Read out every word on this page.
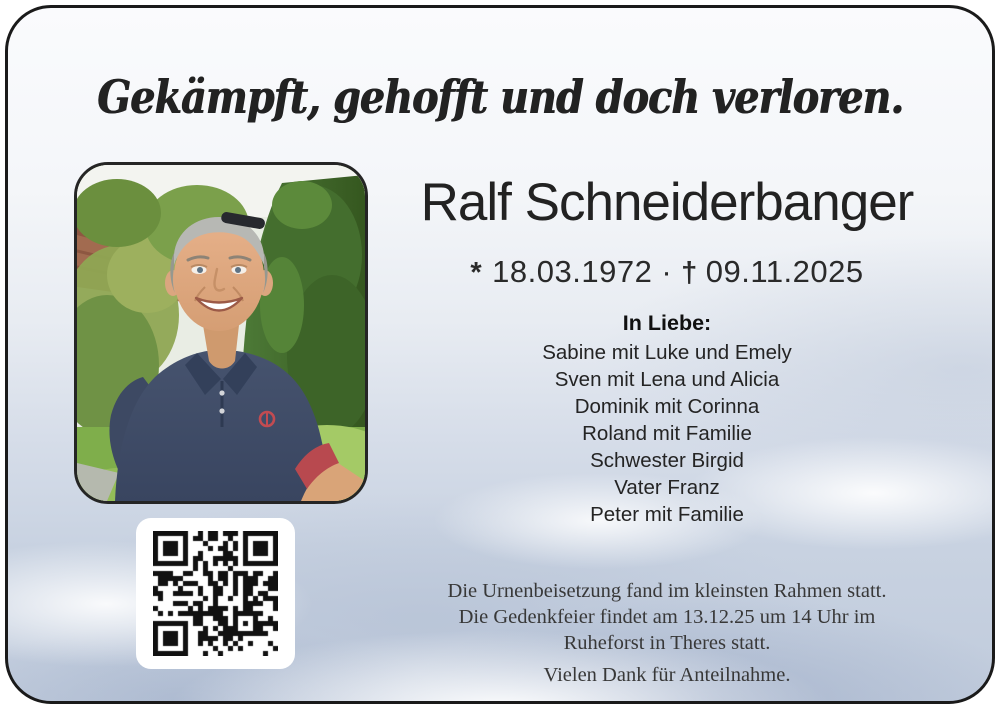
Gekämpft, gehofft und doch verloren.
Ralf Schneiderbanger
* 18.03.1972 · † 09.11.2025
In Liebe:
Sabine mit Luke und Emely
Sven mit Lena und Alicia
Dominik mit Corinna
Roland mit Familie
Schwester Birgid
Vater Franz
Peter mit Familie
Die Urnenbeisetzung fand im kleinsten Rahmen statt.
Die Gedenkfeier findet am 13.12.25 um 14 Uhr im
Ruheforst in Theres statt.
Vielen Dank für Anteilnahme.
